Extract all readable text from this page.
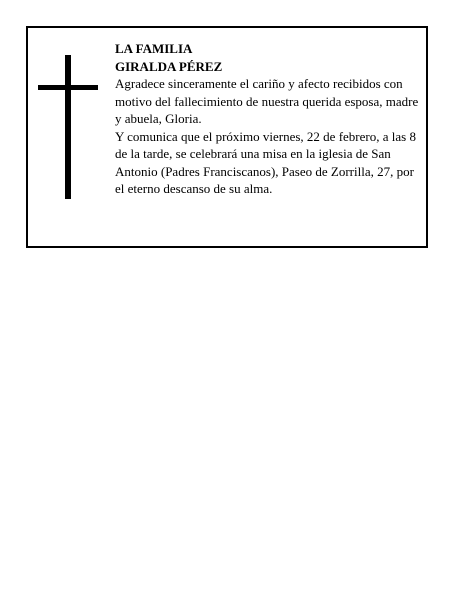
LA FAMILIA

GIRALDA PÉREZ

Agradece sinceramente el cariño y afecto recibidos con motivo del fallecimiento de nuestra querida esposa, madre y abuela, Gloria.

Y comunica que el próximo viernes, 22 de febrero, a las 8 de la tarde, se celebrará una misa en la iglesia de San Antonio (Padres Franciscanos), Paseo de Zorrilla, 27, por el eterno descanso de su alma.
